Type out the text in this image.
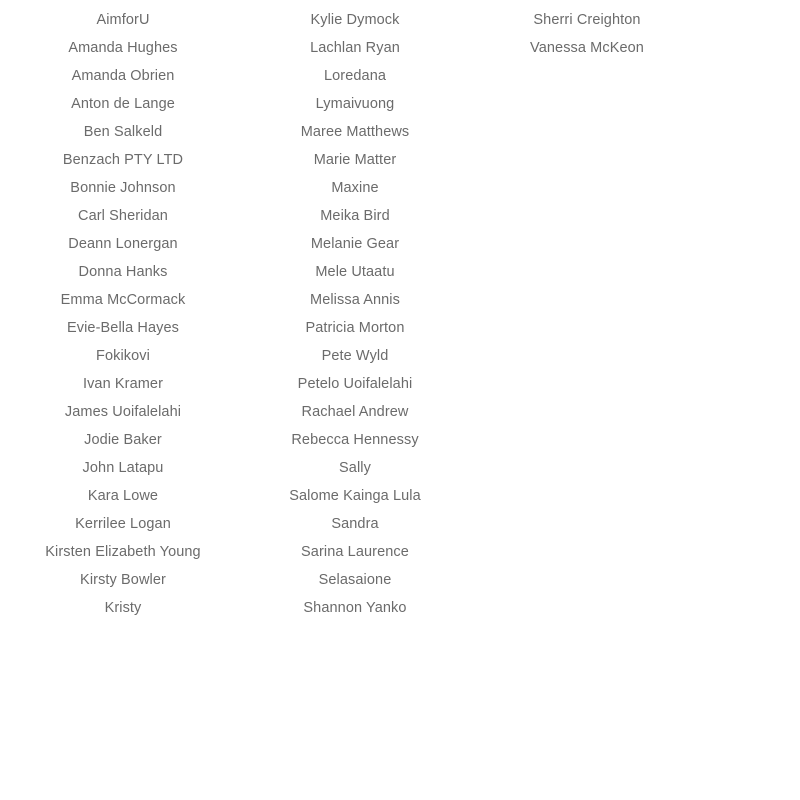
AimforU
Amanda Hughes
Amanda Obrien
Anton de Lange
Ben Salkeld
Benzach PTY LTD
Bonnie Johnson
Carl Sheridan
Deann Lonergan
Donna Hanks
Emma McCormack
Evie-Bella Hayes
Fokikovi
Ivan Kramer
James Uoifalelahi
Jodie Baker
John Latapu
Kara Lowe
Kerrilee Logan
Kirsten Elizabeth Young
Kirsty Bowler
Kristy
Kylie Dymock
Lachlan Ryan
Loredana
Lymaivuong
Maree Matthews
Marie Matter
Maxine
Meika Bird
Melanie Gear
Mele Utaatu
Melissa Annis
Patricia Morton
Pete Wyld
Petelo Uoifalelahi
Rachael Andrew
Rebecca Hennessy
Sally
Salome Kainga Lula
Sandra
Sarina Laurence
Selasaione
Shannon Yanko
Sherri Creighton
Vanessa McKeon
